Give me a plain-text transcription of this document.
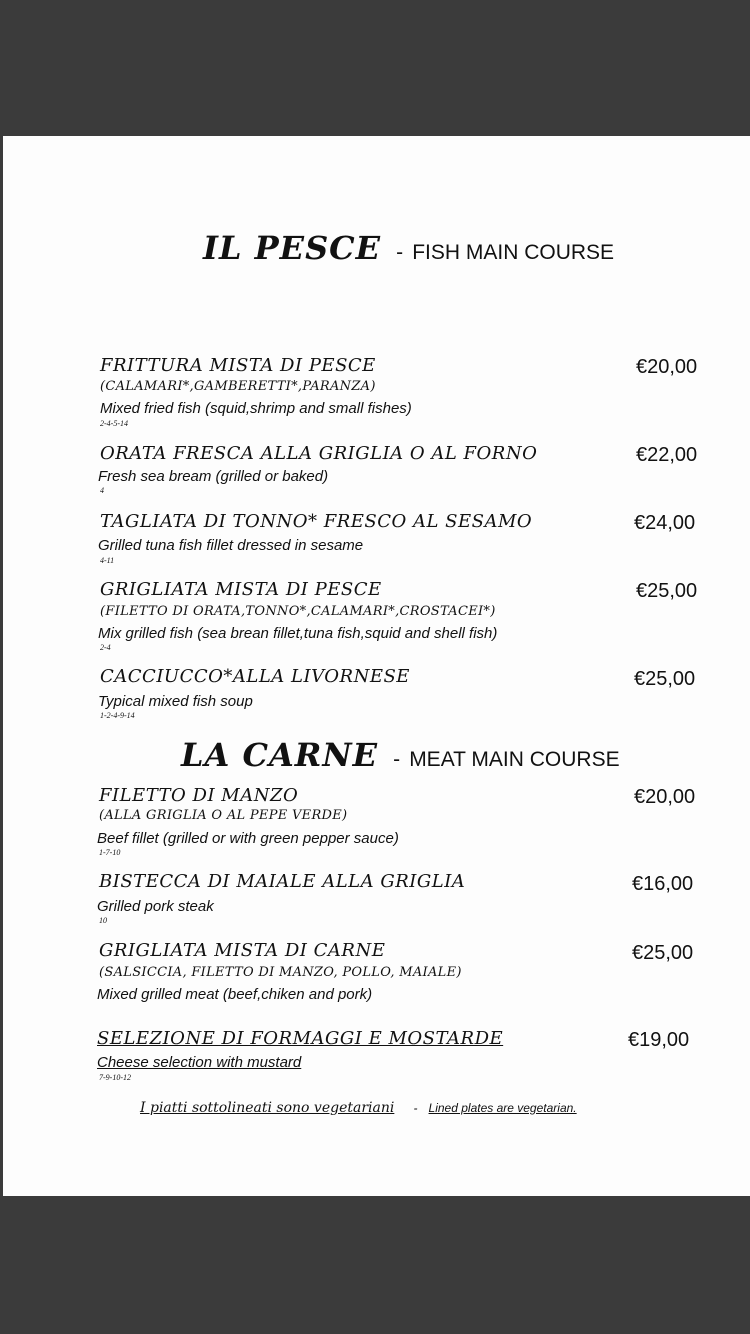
IL PESCE - FISH MAIN COURSE
FRITTURA MISTA DI PESCE
(CALAMARI*,GAMBERETTI*,PARANZA)
Mixed fried fish (squid,shrimp and small fishes)
2-4-5-14
€20,00
ORATA FRESCA ALLA GRIGLIA O AL FORNO
Fresh sea bream (grilled or baked)
4
€22,00
TAGLIATA DI TONNO* FRESCO AL SESAMO
Grilled tuna fish fillet dressed in sesame
4-11
€24,00
GRIGLIATA MISTA DI PESCE
(FILETTO DI ORATA,TONNO*,CALAMARI*,CROSTACEI*)
Mix grilled fish (sea brean fillet,tuna fish,squid and shell fish)
2-4
€25,00
CACCIUCCO*ALLA LIVORNESE
Typical mixed fish soup
1-2-4-9-14
€25,00
LA CARNE - MEAT MAIN COURSE
FILETTO DI MANZO
(ALLA GRIGLIA O AL PEPE VERDE)
Beef fillet (grilled or with green pepper sauce)
1-7-10
€20,00
BISTECCA DI MAIALE ALLA GRIGLIA
Grilled pork steak
10
€16,00
GRIGLIATA MISTA DI CARNE
(SALSICCIA, FILETTO DI MANZO, POLLO, MAIALE)
Mixed grilled meat (beef,chiken and pork)
€25,00
SELEZIONE DI FORMAGGI E MOSTARDE
Cheese selection with mustard
7-9-10-12
€19,00
I piatti sottolineati sono vegetariani - Lined plates are vegetarian.
